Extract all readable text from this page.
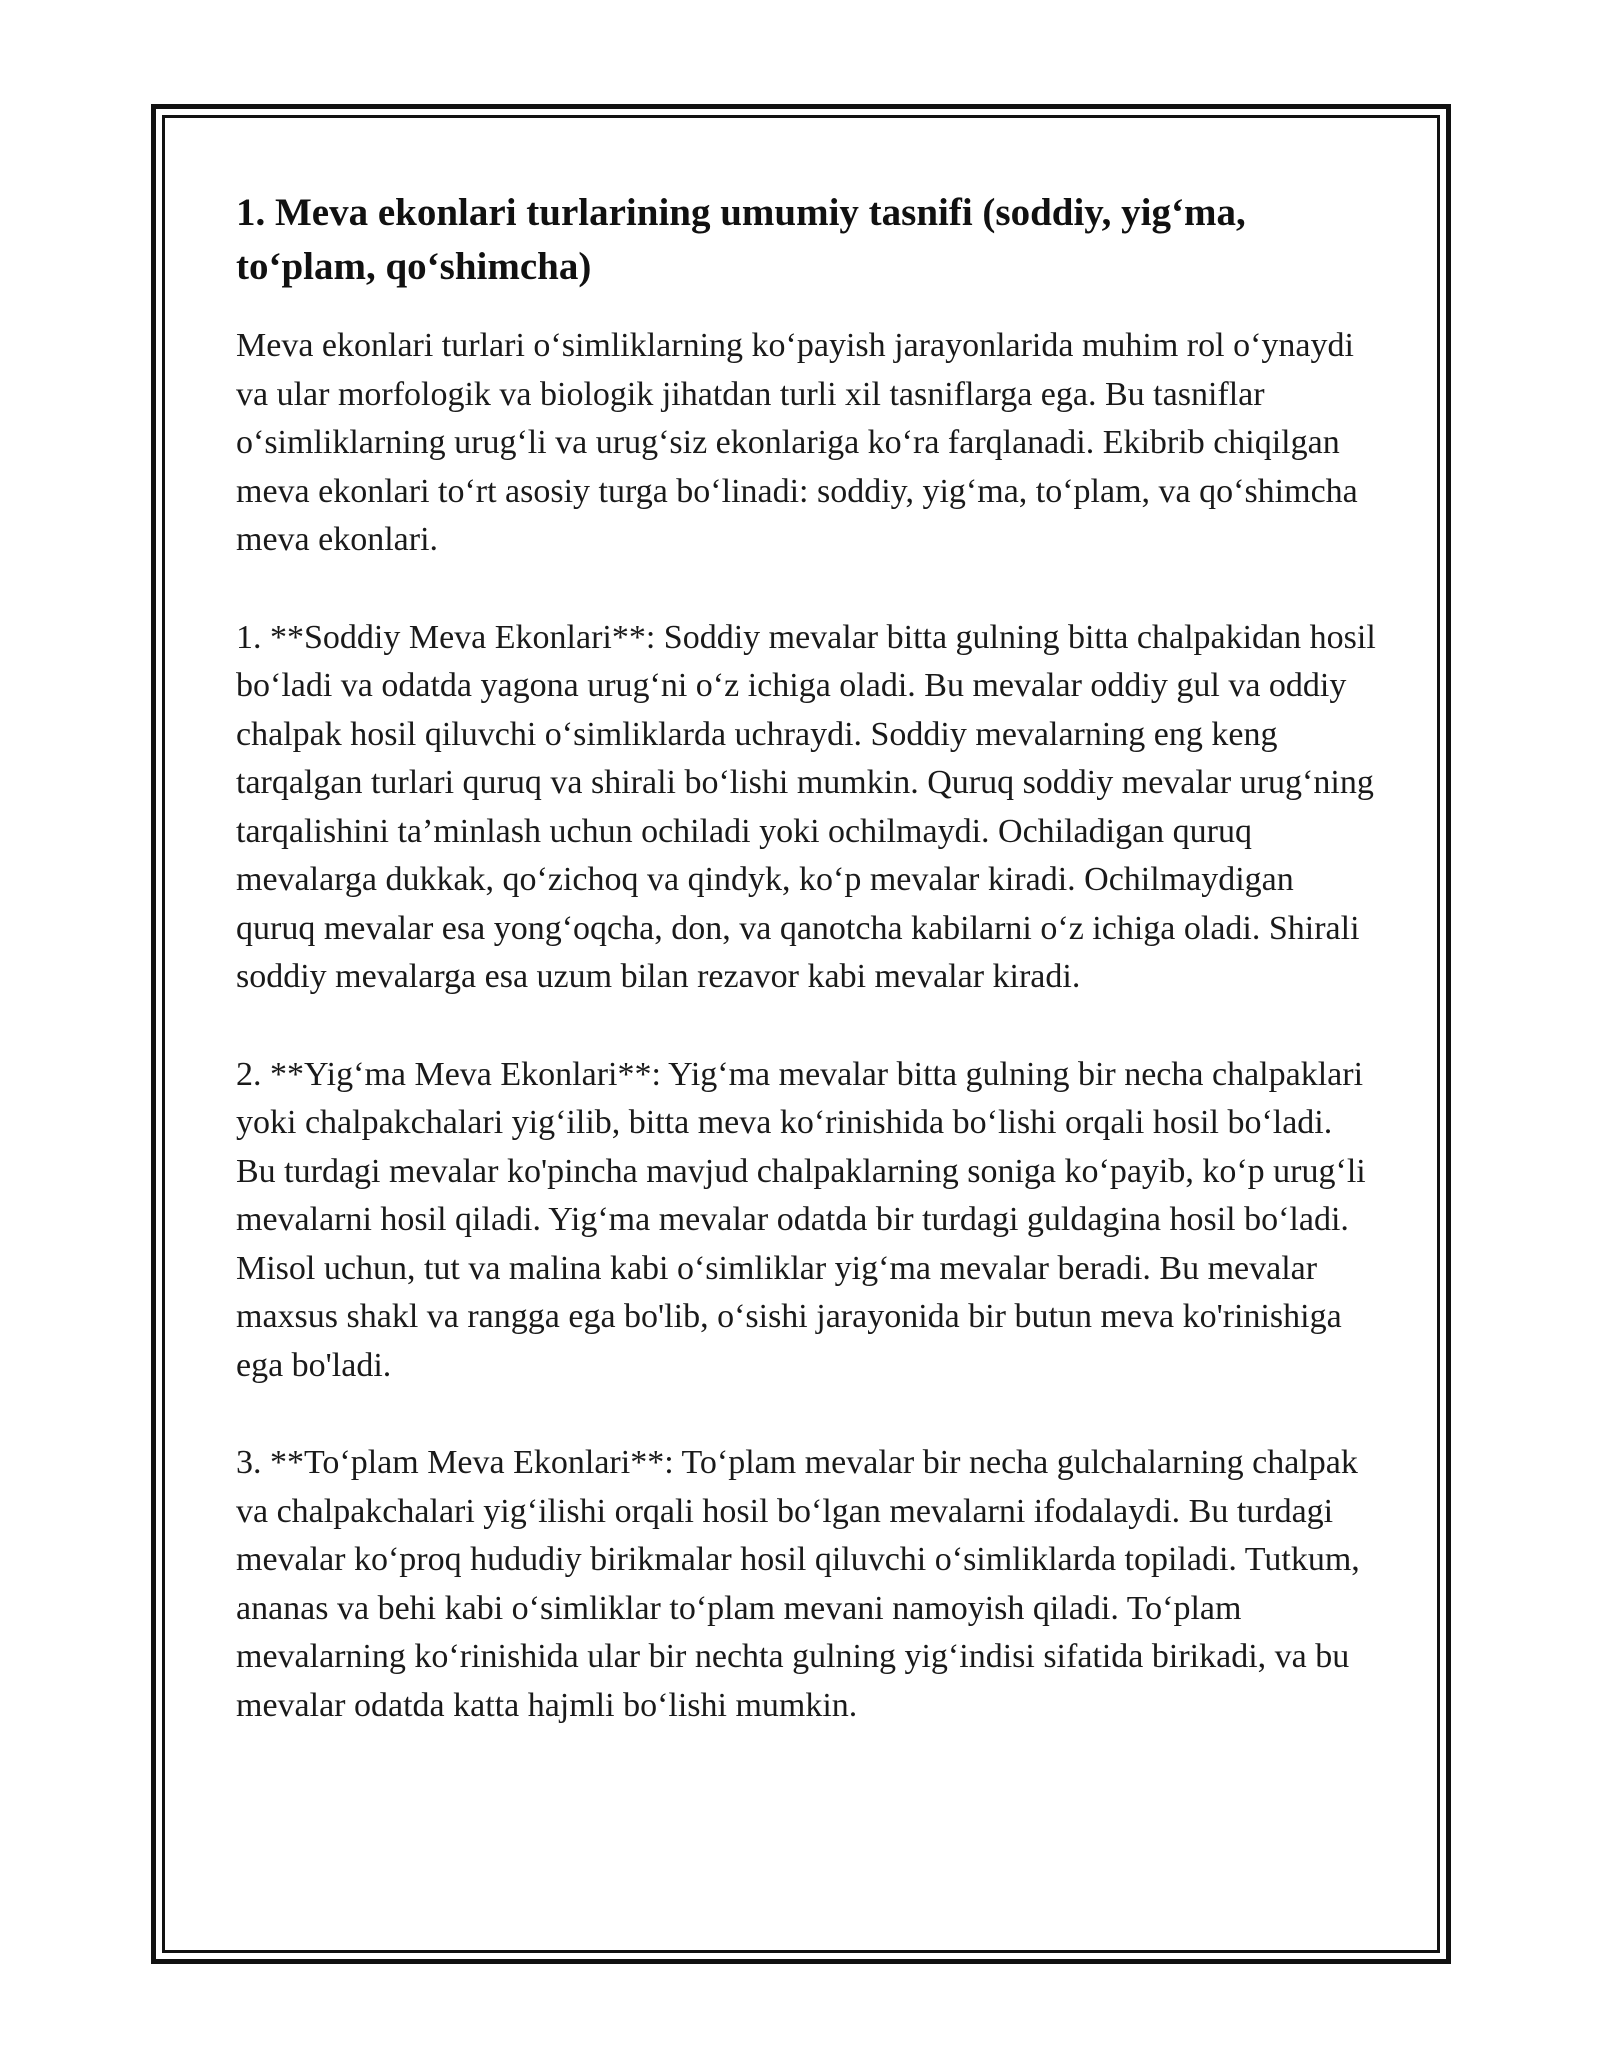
1. Meva ekonlari turlarining umumiy tasnifi (soddiy, yig‘ma, to‘plam, qo‘shimcha)

Meva ekonlari turlari o‘simliklarning ko‘payish jarayonlarida muhim rol o‘ynaydi va ular morfologik va biologik jihatdan turli xil tasniflarga ega. Bu tasniflar o‘simliklarning urug‘li va urug‘siz ekonlariga ko‘ra farqlanadi. Ekibrib chiqilgan meva ekonlari to‘rt asosiy turga bo‘linadi: soddiy, yig‘ma, to‘plam, va qo‘shimcha meva ekonlari.

1. **Soddiy Meva Ekonlari**: Soddiy mevalar bitta gulning bitta chalpakidan hosil bo‘ladi va odatda yagona urug‘ni o‘z ichiga oladi. Bu mevalar oddiy gul va oddiy chalpak hosil qiluvchi o‘simliklarda uchraydi. Soddiy mevalarning eng keng tarqalgan turlari quruq va shirali bo‘lishi mumkin. Quruq soddiy mevalar urug‘ning tarqalishini ta’minlash uchun ochiladi yoki ochilmaydi. Ochiladigan quruq mevalarga dukkak, qo‘zichoq va qindyk, ko‘p mevalar kiradi. Ochilmaydigan quruq mevalar esa yong‘oqcha, don, va qanotcha kabilarni o‘z ichiga oladi. Shirali soddiy mevalarga esa uzum bilan rezavor kabi mevalar kiradi.

2. **Yig‘ma Meva Ekonlari**: Yig‘ma mevalar bitta gulning bir necha chalpaklari yoki chalpakchalari yig‘ilib, bitta meva ko‘rinishida bo‘lishi orqali hosil bo‘ladi. Bu turdagi mevalar ko'pincha mavjud chalpaklarning soniga ko‘payib, ko‘p urug‘li mevalarni hosil qiladi. Yig‘ma mevalar odatda bir turdagi guldagina hosil bo‘ladi. Misol uchun, tut va malina kabi o‘simliklar yig‘ma mevalar beradi. Bu mevalar maxsus shakl va rangga ega bo'lib, o‘sishi jarayonida bir butun meva ko'rinishiga ega bo'ladi.

3. **To‘plam Meva Ekonlari**: To‘plam mevalar bir necha gulchalarning chalpak va chalpakchalari yig‘ilishi orqali hosil bo‘lgan mevalarni ifodalaydi. Bu turdagi mevalar ko‘proq hududiy birikmalar hosil qiluvchi o‘simliklarda topiladi. Tutkum, ananas va behi kabi o‘simliklar to‘plam mevani namoyish qiladi. To‘plam mevalarning ko‘rinishida ular bir nechta gulning yig‘indisi sifatida birikadi, va bu mevalar odatda katta hajmli bo‘lishi mumkin.
